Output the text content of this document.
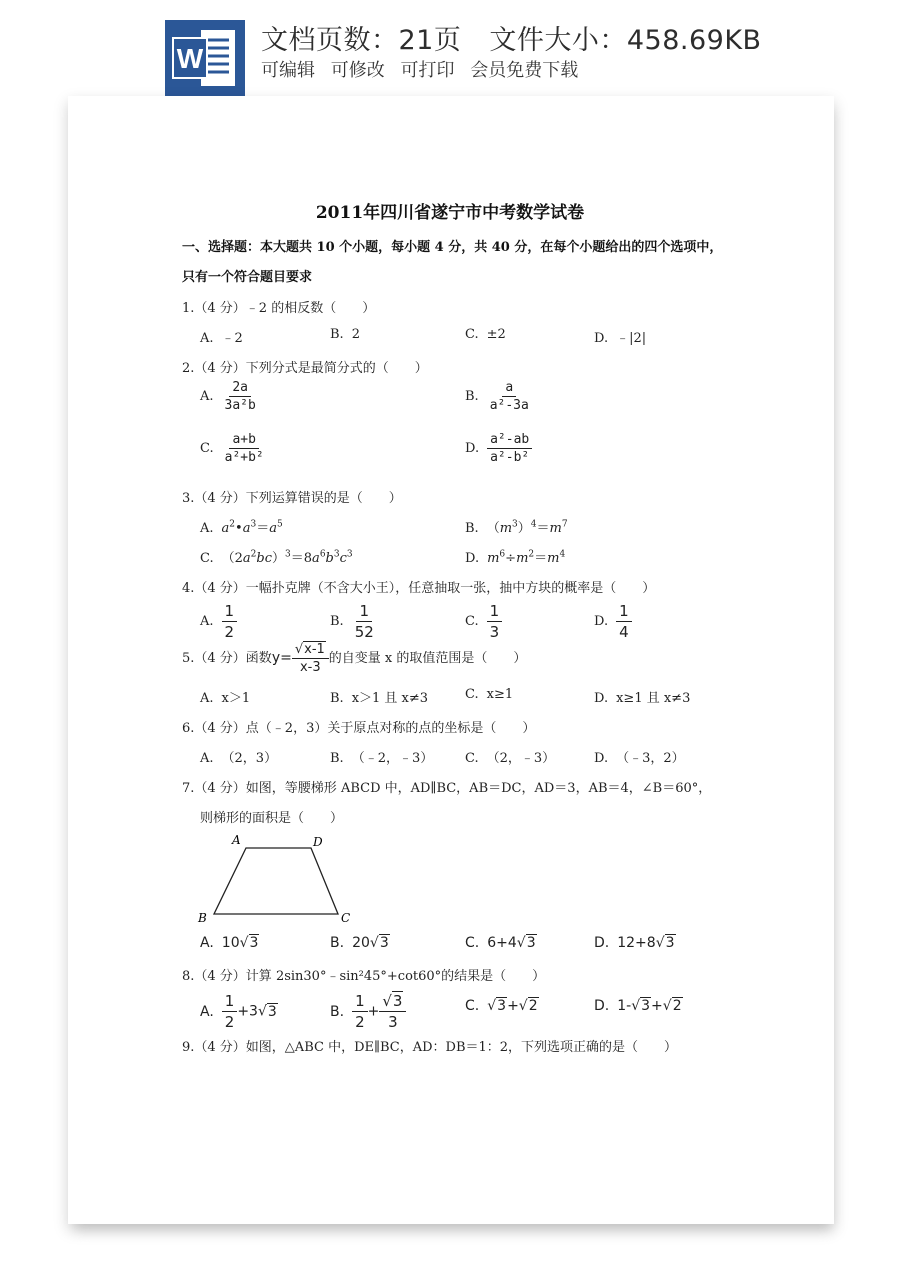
W
文档页数：21页 文件大小：458.69KB
可编辑 可修改 可打印 会员免费下载
2011年四川省遂宁市中考数学试卷
一、选择题：本大题共 10 个小题，每小题 4 分，共 40 分，在每个小题给出的四个选项中，
只有一个符合题目要求
1.（4 分）﹣2 的相反数（　　）
A. ﹣2	B. 2	C. ±2	D. ﹣|2|
2.（4 分）下列分式是最简分式的（　　）
A. $\frac{2a}{\text{3a²b}}$	B. $\frac{a}{\text{a²-3a}}$
C. $\frac{a+b}{\text{a²+b²}}$	D. $\frac{\text{a²-ab}}{\text{a²-b²}}$
3.（4 分）下列运算错误的是（　　）
A. $a^2•a^3=a^5$	B. $(m^3)^4=m^7$
C. $(2a^2bc)^3=8a^6b^3c^3$	D. $m^6\div m^2=m^4$
4.（4 分）一幅扑克牌（不含大小王），任意抽取一张，抽中方块的概率是（　　）
A. $\frac{1}{2}$	B. $\frac{1}{52}$	C. $\frac{1}{3}$	D. $\frac{1}{4}$
5.（4 分）函数$y= \frac{√x-1}{x-3}$ 的自变量 x 的取值范围是（　　）
A. x＞1	B. x＞1 且 x≠3	C. x≥1	D. x≥1 且 x≠3
6.（4 分）点（﹣2，3）关于原点对称的点的坐标是（　　）
A. （2，3）	B. （﹣2，﹣3） C. （2，﹣3）	D. （﹣3，2）
7.（4 分）如图，等腰梯形 ABCD 中，AD∥BC，AB＝DC，AD＝3，AB＝4，∠B＝60°，
则梯形的面积是（　　）
A	D
B	C
A. 10√3	B. 20√3	C. 6+4√3	D. 12+8√3
8.（4 分）计算 2sin30°﹣sin²45°+cot60°的结果是（　　）
A. $\frac{1}{2} +3√3$	B. $\frac{1}{2} + \frac{√3}{3}$	C. √3+√2	D. 1-√3+√2
9.（4 分）如图，△ABC 中，DE∥BC，AD：DB＝1：2，下列选项正确的是（　　）
